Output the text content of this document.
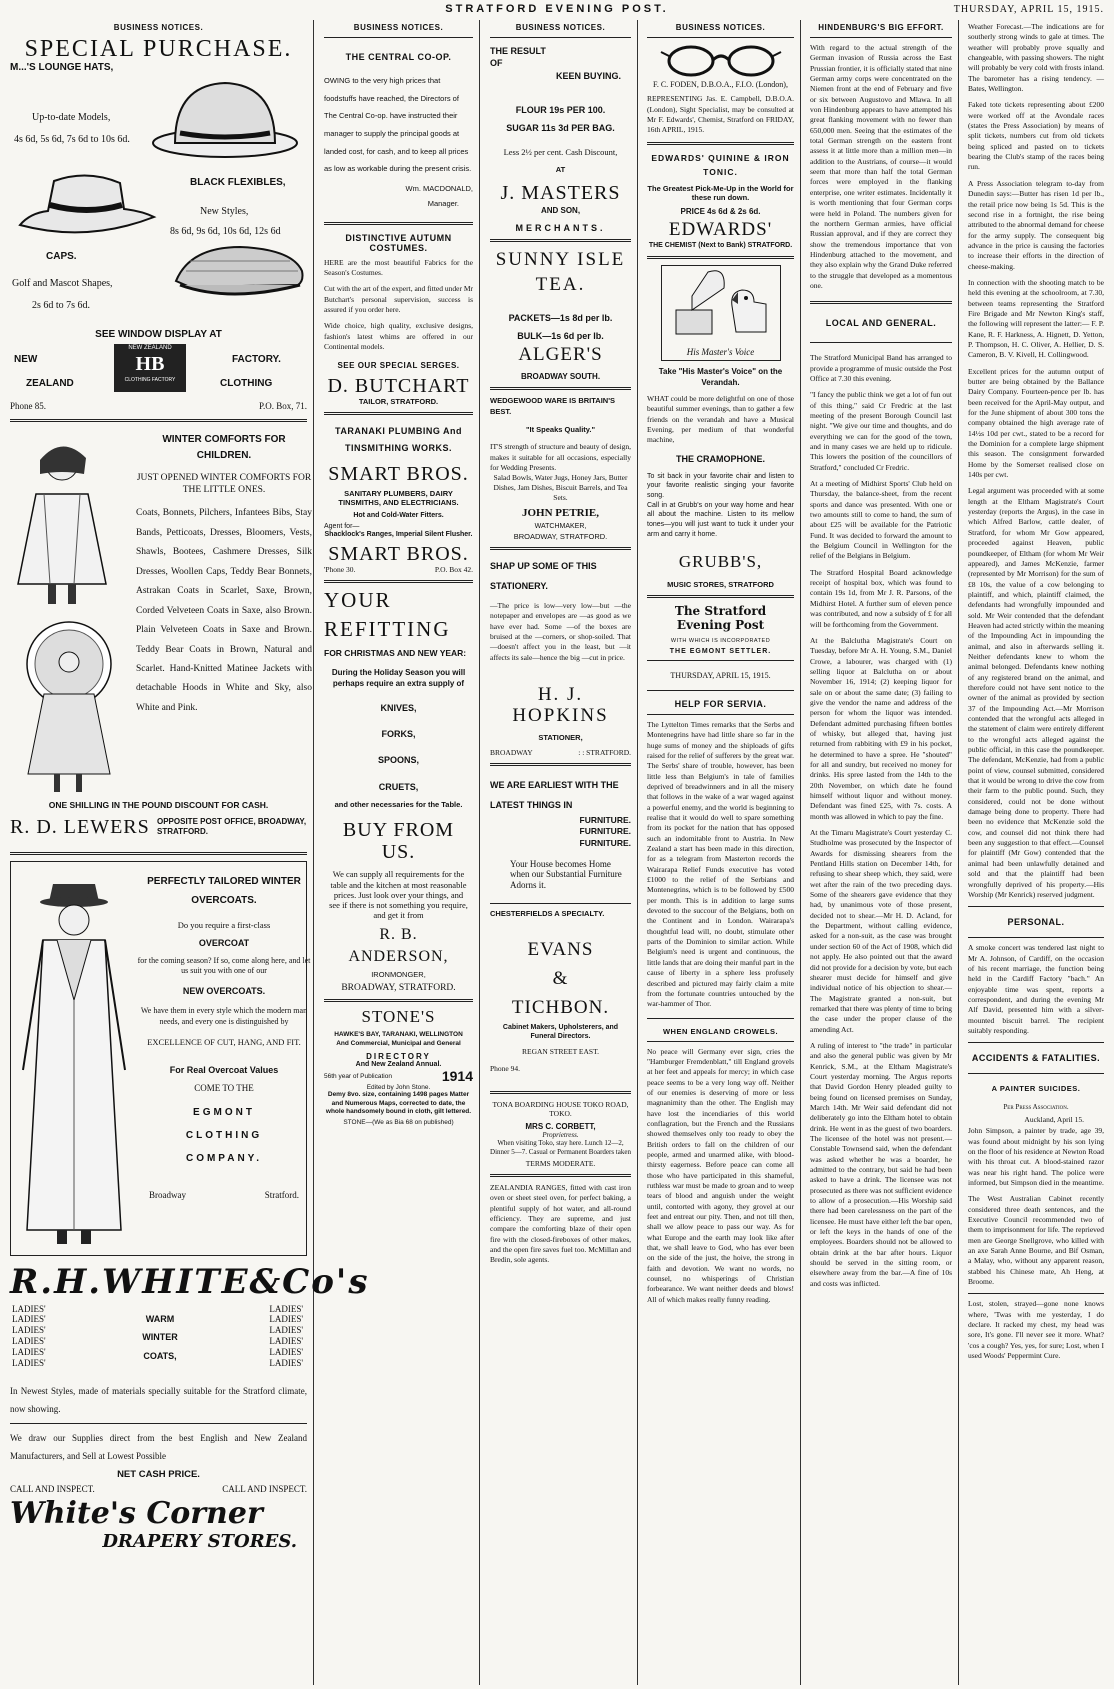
STRATFORD EVENING POST.	THURSDAY, APRIL 15, 1915.
BUSINESS NOTICES.
SPECIAL PURCHASE.
M...'S LOUNGE HATS,
Up-to-date Models,
4s 6d, 5s 6d, 7s 6d to 10s 6d.
BLACK FLEXIBLES,
New Styles,
8s 6d, 9s 6d, 10s 6d, 12s 6d
CAPS.
Golf and Mascot Shapes,
2s 6d to 7s 6d.
SEE WINDOW DISPLAY AT
NEW
ZEALAND
NEW ZEALAND
HB
CLOTHING FACTORY
FACTORY.
CLOTHING
Phone 85.	P.O. Box, 71.
WINTER COMFORTS FOR CHILDREN.
JUST OPENED WINTER COMFORTS FOR THE LITTLE ONES.
Coats, Bonnets, Pilchers, Infantees Bibs, Stay Bands, Petticoats, Dresses, Bloomers, Vests, Shawls, Bootees, Cashmere Dresses, Silk Dresses, Woollen Caps, Teddy Bear Bonnets, Astrakan Coats in Scarlet, Saxe, Brown, Corded Velveteen Coats in Saxe, also Brown. Plain Velveteen Coats in Saxe and Brown. Teddy Bear Coats in Brown, Natural and Scarlet. Hand-Knitted Matinee Jackets with detachable Hoods in White and Sky, also White and Pink.
ONE SHILLING IN THE POUND DISCOUNT FOR CASH.
R. D. LEWERS OPPOSITE POST OFFICE, BROADWAY, STRATFORD.
PERFECTLY TAILORED WINTER OVERCOATS.
Do you require a first-class
OVERCOAT
for the coming season? If so, come along here, and let us suit you with one of our
NEW OVERCOATS.
We have them in every style which the modern man needs, and every one is distinguished by
EXCELLENCE OF CUT, HANG, AND FIT.
For Real Overcoat Values
COME TO THE
EGMONT
CLOTHING
COMPANY.
Broadway	Stratford.
R.H.WHITE&Co's
LADIES'
LADIES'
LADIES'
LADIES'
LADIES'
LADIES'
WARM
WINTER
COATS,
LADIES'
LADIES'
LADIES'
LADIES'
LADIES'
LADIES'
In Newest Styles, made of materials specially suitable for the Stratford climate, now showing.
We draw our Supplies direct from the best English and New Zealand Manufacturers, and Sell at Lowest Possible
NET CASH PRICE.
CALL AND INSPECT.	CALL AND INSPECT.
White's Corner
DRAPERY STORES.
BUSINESS NOTICES.
THE CENTRAL CO-OP.
OWING to the very high prices that foodstuffs have reached, the Directors of The Central Co-op. have instructed their manager to supply the principal goods at landed cost, for cash, and to keep all prices as low as workable during the present crisis.
Wm. MACDONALD,
Manager.
DISTINCTIVE AUTUMN COSTUMES.
HERE are the most beautiful Fabrics for the Season's Costumes.
Cut with the art of the expert, and fitted under Mr Butchart's personal supervision, success is assured if you order here.
Wide choice, high quality, exclusive designs, fashion's latest whims are offered in our Continental models.
SEE OUR SPECIAL SERGES.
D. BUTCHART
TAILOR, STRATFORD.
TARANAKI PLUMBING And TINSMITHING WORKS.
SMART BROS.
SANITARY PLUMBERS, DAIRY TINSMITHS, AND ELECTRICIANS.
Hot and Cold-Water Fitters.
Agent for—
Shacklock's Ranges, Imperial Silent Flusher.
SMART BROS.
'Phone 30.	P.O. Box 42.
YOUR
REFITTING
FOR CHRISTMAS AND NEW YEAR:
During the Holiday Season you will perhaps require an extra supply of
KNIVES,
FORKS,
SPOONS,
CRUETS,
and other necessaries for the Table.
BUY FROM US.
We can supply all requirements for the table and the kitchen at most reasonable prices. Just look over your things, and see if there is not something you require, and get it from
R. B.
ANDERSON,
IRONMONGER,
BROADWAY, STRATFORD.
STONE'S
HAWKE'S BAY, TARANAKI, WELLINGTON And Commercial, Municipal and General
DIRECTORY
And New Zealand Annual.
56th year of Publication	1914
Edited by John Stone.
Demy 8vo. size, containing 1498 pages Matter and Numerous Maps, corrected to date, the whole handsomely bound in cloth, gilt lettered.
STONE—(We as Bia 68 on published)
BUSINESS NOTICES.
THE RESULT OF
KEEN BUYING.
FLOUR 19s PER 100.
SUGAR 11s 3d PER BAG.
Less 2½ per cent. Cash Discount,
AT
J. MASTERS
AND SON,
MERCHANTS.
SUNNY ISLE TEA.
PACKETS—1s 8d per lb.
BULK—1s 6d per lb.
ALGER'S
BROADWAY SOUTH.
WEDGEWOOD WARE IS BRITAIN'S BEST.
"It Speaks Quality."
IT'S strength of structure and beauty of design, makes it suitable for all occasions, especially for Wedding Presents.
Salad Bowls, Water Jugs, Honey Jars, Butter Dishes, Jam Dishes, Biscuit Barrels, and Tea Sets.
JOHN PETRIE,
WATCHMAKER,
BROADWAY, STRATFORD.
SHAP UP SOME OF THIS STATIONERY.
—The price is low—very low—but —the notepaper and envelopes are —as good as we have ever had. Some —of the boxes are bruised at the —corners, or shop-soiled. That —doesn't affect you in the least, but —it affects its sale—hence the big —cut in price.
H. J. HOPKINS
STATIONER,
BROADWAY	: : STRATFORD.
WE ARE EARLIEST WITH THE LATEST THINGS IN
FURNITURE.
FURNITURE.
FURNITURE.
Your House becomes Home when our Substantial Furniture Adorns it.
CHESTERFIELDS A SPECIALTY.
EVANS
&
TICHBON.
Cabinet Makers, Upholsterers, and Funeral Directors.
REGAN STREET EAST.
Phone 94.
TONA BOARDING HOUSE TOKO ROAD, TOKO.
MRS C. CORBETT,
Proprietress.
When visiting Toko, stay here. Lunch 12—2, Dinner 5—7. Casual or Permanent Boarders taken
TERMS MODERATE.
ZEALANDIA RANGES, fitted with cast iron oven or sheet steel oven, for perfect baking, a plentiful supply of hot water, and all-round efficiency. They are supreme, and just compare the comforting blaze of their open fire with the closed-fireboxes of other makes, and the open fire saves fuel too. McMillan and Bredin, sole agents.
BUSINESS NOTICES.
F. C. FODEN, D.B.O.A., F.I.O. (London),
REPRESENTING Jas. E. Campbell, D.B.O.A. (London), Sight Specialist, may be consulted at Mr F. Edwards', Chemist, Stratford on FRIDAY, 16th APRIL, 1915.
EDWARDS' QUININE & IRON TONIC.
The Greatest Pick-Me-Up in the World for these run down.
PRICE 4s 6d & 2s 6d.
EDWARDS'
THE CHEMIST (Next to Bank) STRATFORD.
His Master's Voice
Take "His Master's Voice" on the Verandah.
WHAT could be more delightful on one of those beautiful summer evenings, than to gather a few friends on the verandah and have a Musical Evening, per medium of that wonderful machine,
THE CRAMOPHONE.
To sit back in your favorite chair and listen to your favorite realistic singing your favorite song.
Call in at Grubb's on your way home and hear all about the machine. Listen to its mellow tones—you will just want to tuck it under your arm and carry it home.
GRUBB'S,
MUSIC STORES, STRATFORD
The Stratford Evening Post
WITH WHICH IS INCORPORATED
THE EGMONT SETTLER.
THURSDAY, APRIL 15, 1915.
HELP FOR SERVIA.
The Lyttelton Times remarks that the Serbs and Montenegrins have had little share so far in the huge sums of money and the shiploads of gifts raised for the relief of sufferers by the great war. The Serbs' share of trouble, however, has been little less than Belgium's in tale of families deprived of breadwinners and in all the misery that follows in the wake of a war waged against a powerful enemy, and the world is beginning to realise that it would do well to spare something from its pocket for the nation that has opposed such an indomitable front to Austria. In New Zealand a start has been made in this direction, for as a telegram from Masterton records the Wairarapa Relief Funds executive has voted £1000 to the relief of the Serbians and Montenegrins, which is to be followed by £500 per month. This is in addition to large sums devoted to the succour of the Belgians, both on the Continent and in London. Wairarapa's thoughtful lead will, no doubt, stimulate other parts of the Dominion to similar action. While Belgium's need is urgent and continuous, the little lands that are doing their manful part in the cause of liberty in a sphere less profusely described and pictured may fairly claim a mite from the fortunate countries untouched by the war-hammer of Thor.
WHEN ENGLAND CROWELS.
No peace will Germany ever sign, cries the "Hamburger Fremdenblatt," till England grovels at her feet and appeals for mercy; in which case peace seems to be a very long way off. Neither of our enemies is deserving of more or less magnanimity than the other. The English may have lost the incendiaries of this world conflagration, but the French and the Russians showed themselves only too ready to obey the British orders to fall on the children of our people, armed and unarmed alike, with blood-thirsty eagerness. Before peace can come all those who have participated in this shameful, ruthless war must be made to groan and to weep tears of blood and anguish under the weight until, contorted with agony, they grovel at our feet and entreat our pity. Then, and not till then, shall we allow peace to pass our way. As for what Europe and the earth may look like after that, we shall leave to God, who has ever been on the side of the just, the hoive, the strong in faith and devotion. We want no words, no counsel, no whisperings of Christian forbearance. We want neither deeds and blows! All of which makes really funny reading.
HINDENBURG'S BIG EFFORT.
With regard to the actual strength of the German invasion of Russia across the East Prussian frontier, it is officially stated that nine German army corps were concentrated on the Niemen front at the end of February and five or six between Augustovo and Mlawa. In all von Hindenburg appears to have attempted his great flanking movement with no fewer than 650,000 men. Seeing that the estimates of the total German strength on the eastern front assess it at little more than a million men—in addition to the Austrians, of course—it would seem that more than half the total German forces were employed in the flanking enterprise, one writer estimates. Incidentally it is worth mentioning that four German corps were held in Poland. The numbers given for the northern German armies, have official Russian approval, and if they are correct they show the tremendous importance that von Hindenburg attached to the movement, and they also explain why the Grand Duke referred to the struggle that developed as a momentous one.
LOCAL AND GENERAL.
The Stratford Municipal Band has arranged to provide a programme of music outside the Post Office at 7.30 this evening.
"I fancy the public think we get a lot of fun out of this thing," said Cr Fredric at the last meeting of the present Borough Council last night. "We give our time and thoughts, and do everything we can for the good of the town, and in many cases we are held up to ridicule. This lowers the position of the councillors of Stratford," concluded Cr Fredric.
At a meeting of Midhirst Sports' Club held on Thursday, the balance-sheet, from the recent sports and dance was presented. With one or two amounts still to come to hand, the sum of about £25 will be available for the Patriotic Fund. It was decided to forward the amount to the Belgium Council in Wellington for the relief of the Belgians in Belgium.
The Stratford Hospital Board acknowledge receipt of hospital box, which was found to contain 19s 1d, from Mr J. R. Parsons, of the Midhirst Hotel. A further sum of eleven pence was contributed, and now a subsidy of £ for all will be forthcoming from the Government.
At the Balclutha Magistrate's Court on Tuesday, before Mr A. H. Young, S.M., Daniel Crowe, a labourer, was charged with (1) selling liquor at Balclutha on or about November 16, 1914; (2) keeping liquor for sale on or about the same date; (3) failing to give the vendor the name and address of the person for whom the liquor was intended. Defendant admitted purchasing fifteen bottles of whisky, but alleged that, having just returned from rabbiting with £9 in his pocket, he determined to have a spree. He "shouted" for all and sundry, but received no money for drinks. His spree lasted from the 14th to the 20th November, on which date he found himself without liquor and without money. Defendant was fined £25, with 7s. costs. A month was allowed in which to pay the fine.
At the Timaru Magistrate's Court yesterday C. Studholme was prosecuted by the Inspector of Awards for dismissing shearers from the Pentland Hills station on December 14th, for refusing to shear sheep which, they said, were wet after the rain of the two preceding days. Some of the shearers gave evidence that they had, by unanimous vote of those present, decided not to shear.—Mr H. D. Acland, for the Department, without calling evidence, asked for a non-suit, as the case was brought under section 60 of the Act of 1908, which did not apply. He also pointed out that the award did not provide for a decision by vote, but each shearer must decide for himself and give individual notice of his objection to shear.—The Magistrate granted a non-suit, but remarked that there was plenty of time to bring the case under the proper clause of the amending Act.
A ruling of interest to "the trade" in particular and also the general public was given by Mr Kenrick, S.M., at the Eltham Magistrate's Court yesterday morning. The Argus reports that David Gordon Henry pleaded guilty to being found on licensed premises on Sunday, March 14th. Mr Weir said defendant did not deliberately go into the Eltham hotel to obtain drink. He went in as the guest of two boarders. The licensee of the hotel was not present.—Constable Townsend said, when the defendant was asked whether he was a boarder, he admitted to the contrary, but said he had been asked to have a drink. The licensee was not prosecuted as there was not sufficient evidence to allow of a prosecution.—His Worship said there had been carelessness on the part of the licensee. He must have either left the bar open, or left the keys in the hands of one of the employees. Boarders should not be allowed to obtain drink at the bar after hours. Liquor should be served in the sitting room, or elsewhere away from the bar.—A fine of 10s and costs was inflicted.
Weather Forecast.—The indications are for southerly strong winds to gale at times. The weather will probably prove squally and changeable, with passing showers. The night will probably be very cold with frosts inland. The barometer has a rising tendency. —Bates, Wellington.
Faked tote tickets representing about £200 were worked off at the Avondale races (states the Press Association) by means of split tickets, numbers cut from old tickets being spliced and pasted on to tickets bearing the Club's stamp of the races being run.
A Press Association telegram to-day from Dunedin says:—Butter has risen 1d per lb., the retail price now being 1s 5d. This is the second rise in a fortnight, the rise being attributed to the abnormal demand for cheese for the army supply. The consequent big advance in the price is causing the factories to increase their efforts in the direction of cheese-making.
In connection with the shooting match to be held this evening at the schoolroom, at 7.30, between teams representing the Stratford Fire Brigade and Mr Newton King's staff, the following will represent the latter:— F. P. Kane, R. F. Harkness, A. Hignett, D. Yetton, P. Thompson, H. C. Oliver, A. Hellier, D. S. Cameron, B. V. Kivell, H. Collingwood.
Excellent prices for the autumn output of butter are being obtained by the Ballance Dairy Company. Fourteen-pence per lb. has been received for the April-May output, and for the June shipment of about 300 tons the company obtained the high average rate of 14½s 10d per cwt., stated to be a record for the Dominion for a complete large shipment this season. The consignment forwarded Home by the Somerset realised close on 140s per cwt.
Legal argument was proceeded with at some length at the Eltham Magistrate's Court yesterday (reports the Argus), in the case in which Alfred Barlow, cattle dealer, of Stratford, for whom Mr Gow appeared, proceeded against Heaven, public poundkeeper, of Eltham (for whom Mr Weir appeared), and James McKenzie, farmer (represented by Mr Morrison) for the sum of £8 10s, the value of a cow belonging to plaintiff, and which, plaintiff claimed, the defendants had wrongfully impounded and sold. Mr Weir contended that the defendant Heaven had acted strictly within the meaning of the Impounding Act in impounding the animal, and also in afterwards selling it. Neither defendants knew to whom the animal belonged. Defendants knew nothing of any registered brand on the animal, and therefore could not have sent notice to the owner of the animal as provided by section 37 of the Impounding Act.—Mr Morrison contended that the wrongful acts alleged in the statement of claim were entirely different to the wrongful acts alleged against the public official, in this case the poundkeeper. The defendant, McKenzie, had from a public point of view, counsel submitted, considered that it would be wrong to drive the cow from their farm to the public pound. Such, they considered, could not be done without damage being done to property. There had been no evidence that McKenzie sold the cow, and counsel did not think there had been any suggestion to that effect.—Counsel for plaintiff (Mr Gow) contended that the animal had been unlawfully detained and sold and that the plaintiff had been wrongfully deprived of his property.—His Worship (Mr Kenrick) reserved judgment.
PERSONAL.
A smoke concert was tendered last night to Mr A. Johnson, of Cardiff, on the occasion of his recent marriage, the function being held in the Cardiff Factory "bach." An enjoyable time was spent, reports a correspondent, and during the evening Mr Alf David, presented him with a silver-mounted biscuit barrel. The recipient suitably responding.
ACCIDENTS & FATALITIES.
A PAINTER SUICIDES.
Per Press Association.
Auckland, April 15.
John Simpson, a painter by trade, age 39, was found about midnight by his son lying on the floor of his residence at Newton Road with his throat cut. A blood-stained razor was near his right hand. The police were informed, but Simpson died in the meantime.
The West Australian Cabinet recently considered three death sentences, and the Executive Council recommended two of them to imprisonment for life. The reprieved men are George Snellgrove, who killed with an axe Sarah Anne Bourne, and Bif Osman, a Malay, who, without any apparent reason, stabbed his Chinese mate, Ah Heng, at Broome.
Lost, stolen, strayed—gone none knows where, 'Twas with me yesterday, I do declare. It racked my chest, my head was sore, It's gone. I'll never see it more. What? 'cos a cough? Yes, yes, for sure; Lost, when I used Woods' Peppermint Cure.
